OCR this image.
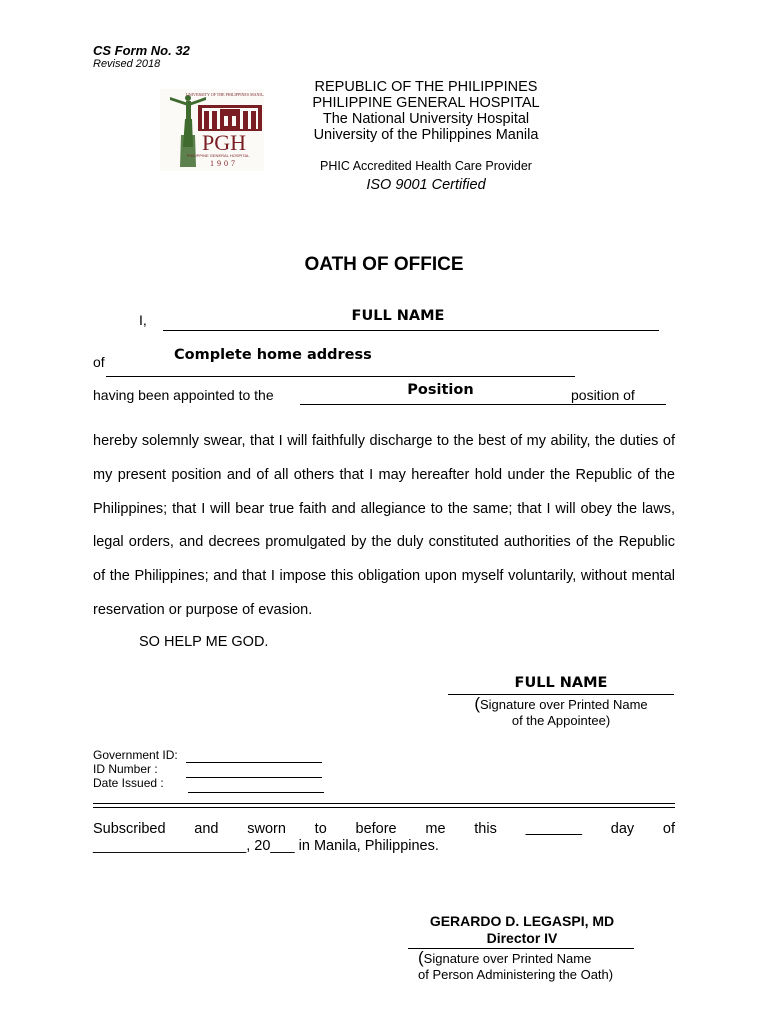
CS Form No. 32
Revised 2018
UNIVERSITY OF THE PHILIPPINES MANILA
PGH
PHILIPPINE GENERAL HOSPITAL
1907
REPUBLIC OF THE PHILIPPINES
PHILIPPINE GENERAL HOSPITAL
The National University Hospital
University of the Philippines Manila
PHIC Accredited Health Care Provider
ISO 9001 Certified
OATH OF OFFICE
I,	FULL NAME
of	Complete home address
having been appointed to the	Position	position of

hereby solemnly swear, that I will faithfully discharge to the best of my ability, the duties of my present position and of all others that I may hereafter hold under the Republic of the Philippines; that I will bear true faith and allegiance to the same; that I will obey the laws, legal orders, and decrees promulgated by the duly constituted authorities of the Republic of the Philippines; and that I impose this obligation upon myself voluntarily, without mental reservation or purpose of evasion.

SO HELP ME GOD.
FULL NAME
(Signature over Printed Name
of the Appointee)
Government ID:
ID Number :
Date Issued :

Subscribed and sworn to before me this _______ day of

___________________, 20___ in Manila, Philippines.
GERARDO D. LEGASPI, MD
Director IV
(Signature over Printed Name
of Person Administering the Oath)
